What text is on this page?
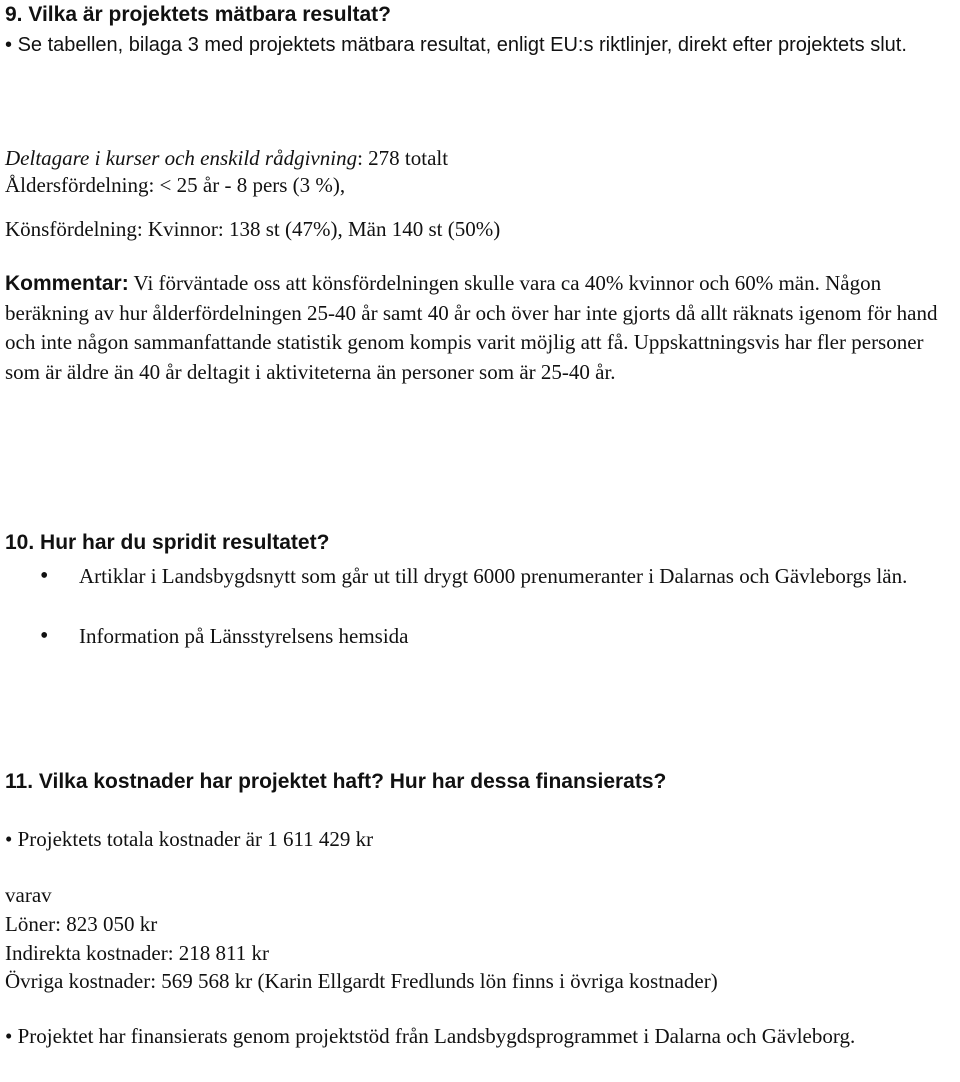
9. Vilka är projektets mätbara resultat?

• Se tabellen, bilaga 3 med projektets mätbara resultat, enligt EU:s riktlinjer, direkt efter projektets slut.

Deltagare i kurser och enskild rådgivning: 278 totalt
Åldersfördelning: < 25 år - 8 pers (3 %),
Könsfördelning: Kvinnor: 138 st (47%), Män 140 st (50%)

Kommentar: Vi förväntade oss att könsfördelningen skulle vara ca 40% kvinnor och 60% män. Någon beräkning av hur ålderfördelningen 25-40 år samt 40 år och över har inte gjorts då allt räknats igenom för hand och inte någon sammanfattande statistik genom kompis varit möjlig att få. Uppskattningsvis har fler personer som är äldre än 40 år deltagit i aktiviteterna än personer som är 25-40 år.

10. Hur har du spridit resultatet?
• Artiklar i Landsbygdsnytt som går ut till drygt 6000 prenumeranter i Dalarnas och Gävleborgs län.

• Information på Länsstyrelsens hemsida

11. Vilka kostnader har projektet haft? Hur har dessa finansierats?
• Projektets totala kostnader är 1 611 429 kr
varav
Löner: 823 050 kr
Indirekta kostnader: 218 811 kr
Övriga kostnader: 569 568 kr (Karin Ellgardt Fredlunds lön finns i övriga kostnader)

• Projektet har finansierats genom projektstöd från Landsbygdsprogrammet i Dalarna och Gävleborg.
